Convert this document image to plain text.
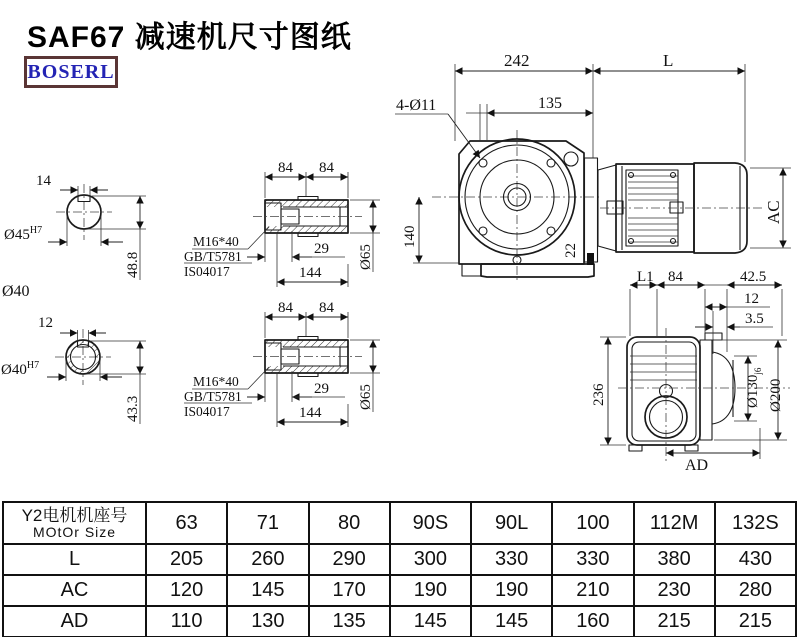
SAF67 减速机尺寸图纸
BOSERL
14
$Ø45^{H7}$
48.8
Ø40
12
$Ø40^{H7}$
43.3
84 84
29
144
Ø65
M16*40
GB/T5781
IS04017
84 84
29
144
Ø65
M16*40
GB/T5781
IS04017
242	L
135
4-Ø11
140
22
AC
L1 84	42.5
12
3.5
236	$Ø130_{j6}$
Ø200
AD
Y2电机机座号
MOtOr Size	63	71	80	90S	90L	100	112M	132S
L	205	260	290	300	330	330	380	430
AC	120	145	170	190	190	210	230	280
AD	110	130	135	145	145	160	215	215
